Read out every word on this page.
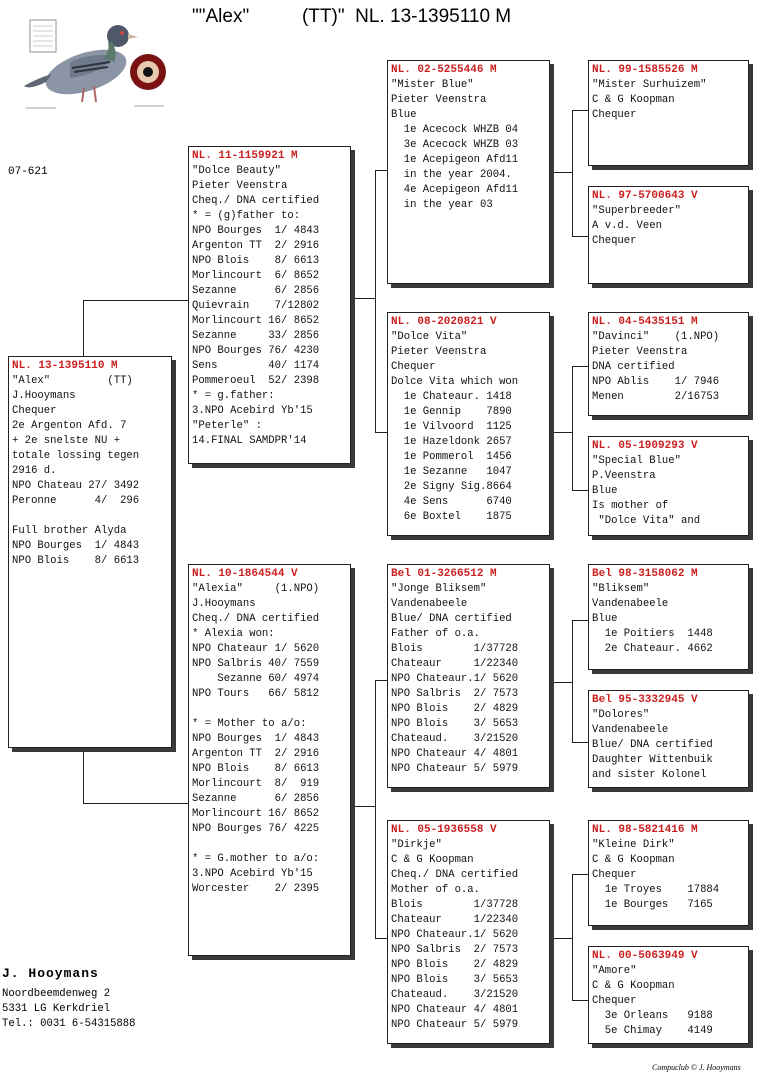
""Alex"          (TT)"  NL. 13-1395110 M
07-621
NL. 13-1395110 M
"Alex"         (TT)
J.Hooymans
Chequer
2e Argenton Afd. 7
+ 2e snelste NU +
totale lossing tegen
2916 d.
NPO Chateau 27/ 3492
Peronne      4/  296
Full brother Alyda
NPO Bourges  1/ 4843
NPO Blois    8/ 6613
NL. 11-1159921 M
"Dolce Beauty"
Pieter Veenstra
Cheq./ DNA certified
* = (g)father to:
NPO Bourges  1/ 4843
Argenton TT  2/ 2916
NPO Blois    8/ 6613
Morlincourt  6/ 8652
Sezanne      6/ 2856
Quievrain    7/12802
Morlincourt 16/ 8652
Sezanne     33/ 2856
NPO Bourges 76/ 4230
Sens        40/ 1174
Pommeroeul  52/ 2398
* = g.father:
3.NPO Acebird Yb'15
"Peterle" :
14.FINAL SAMDPR'14
NL. 10-1864544 V
"Alexia"     (1.NPO)
J.Hooymans
Cheq./ DNA certified
* Alexia won:
NPO Chateaur 1/ 5620
NPO Salbris 40/ 7559
Sezanne 60/ 4974
NPO Tours   66/ 5812
* = Mother to a/o:
NPO Bourges  1/ 4843
Argenton TT  2/ 2916
NPO Blois    8/ 6613
Morlincourt  8/  919
Sezanne      6/ 2856
Morlincourt 16/ 8652
NPO Bourges 76/ 4225
* = G.mother to a/o:
3.NPO Acebird Yb'15
Worcester    2/ 2395
NL. 02-5255446 M
"Mister Blue"
Pieter Veenstra
Blue
1e Acecock WHZB 04
3e Acecock WHZB 03
1e Acepigeon Afd11
in the year 2004.
4e Acepigeon Afd11
in the year 03
NL. 08-2020821 V
"Dolce Vita"
Pieter Veenstra
Chequer
Dolce Vita which won
1e Chateaur. 1418
1e Gennip    7890
1e Vilvoord  1125
1e Hazeldonk 2657
1e Pommerol  1456
1e Sezanne   1047
2e Signy Sig.8664
4e Sens      6740
6e Boxtel    1875
Bel 01-3266512 M
"Jonge Bliksem"
Vandenabeele
Blue/ DNA certified
Father of o.a.
Blois        1/37728
Chateaur     1/22340
NPO Chateaur.1/ 5620
NPO Salbris  2/ 7573
NPO Blois    2/ 4829
NPO Blois    3/ 5653
Chateaud.    3/21520
NPO Chateaur 4/ 4801
NPO Chateaur 5/ 5979
NL. 05-1936558 V
"Dirkje"
C & G Koopman
Cheq./ DNA certified
Mother of o.a.
Blois        1/37728
Chateaur     1/22340
NPO Chateaur.1/ 5620
NPO Salbris  2/ 7573
NPO Blois    2/ 4829
NPO Blois    3/ 5653
Chateaud.    3/21520
NPO Chateaur 4/ 4801
NPO Chateaur 5/ 5979
NL. 99-1585526 M
"Mister Surhuizem"
C & G Koopman
Chequer
NL. 97-5700643 V
"Superbreeder"
A v.d. Veen
Chequer
NL. 04-5435151 M
"Davinci"    (1.NPO)
Pieter Veenstra
DNA certified
NPO Ablis    1/ 7946
Menen        2/16753
NL. 05-1909293 V
"Special Blue"
P.Veenstra
Blue
Is mother of
"Dolce Vita" and
Bel 98-3158062 M
"Bliksem"
Vandenabeele
Blue
1e Poitiers  1448
2e Chateaur. 4662
Bel 95-3332945 V
"Dolores"
Vandenabeele
Blue/ DNA certified
Daughter Wittenbuik
and sister Kolonel
NL. 98-5821416 M
"Kleine Dirk"
C & G Koopman
Chequer
1e Troyes    17884
1e Bourges   7165
NL. 00-5063949 V
"Amore"
C & G Koopman
Chequer
3e Orleans   9188
5e Chimay    4149
J. Hooymans
Noordbeemdenweg 2
5331 LG Kerkdriel
Tel.: 0031 6-54315888
Compuclub © J. Hooymans
